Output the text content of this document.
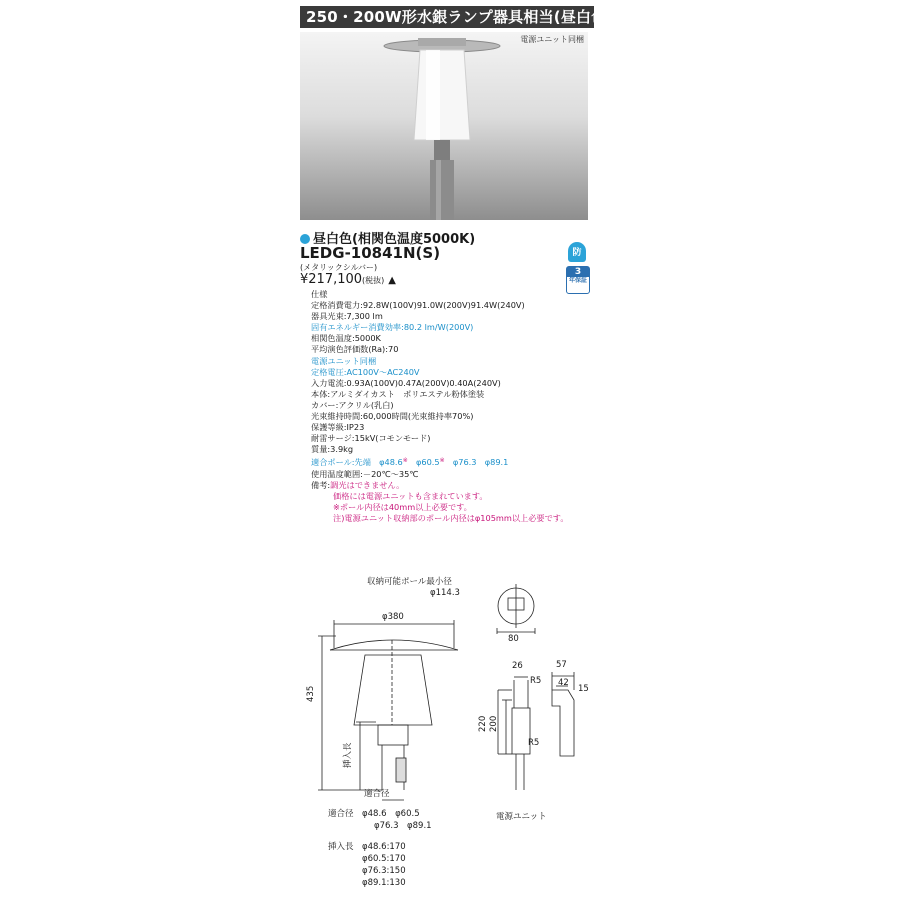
250・200W形水銀ランプ器具相当(昼白色)
電源ユニット同梱
昼白色(相関色温度5000K)
LEDG-10841N(S)
(メタリックシルバー)
¥217,100(税抜) ▲
防
3
年保証
仕様
定格消費電力:92.8W(100V)91.0W(200V)91.4W(240V)
器具光束:7,300 lm
固有エネルギー消費効率:80.2 lm/W(200V)
相関色温度:5000K
平均演色評価数(Ra):70
電源ユニット同梱
定格電圧:AC100V～AC240V
入力電流:0.93A(100V)0.47A(200V)0.40A(240V)
本体:アルミダイカスト　ポリエステル粉体塗装
カバー:アクリル(乳白)
光束維持時間:60,000時間(光束維持率70%)
保護等級:IP23
耐雷サージ:15kV(コモンモード)
質量:3.9kg
適合ポール:先端　φ48.6※　 φ60.5※　 φ76.3　 φ89.1
使用温度範囲:－20℃～35℃
備考:調光はできません。
価格には電源ユニットも含まれています。
※ポール内径は40mm以上必要です。
注)電源ユニット収納部のポール内径はφ105mm以上必要です。
収納可能ポール最小径
φ114.3
80
φ380
435
挿入長
適合径
26	57
42
15
R5
R5
220 200
適合径　 φ48.6　φ60.5
φ76.3　φ89.1
挿入長　 φ48.6:170
φ60.5:170
φ76.3:150
φ89.1:130
電源ユニット
